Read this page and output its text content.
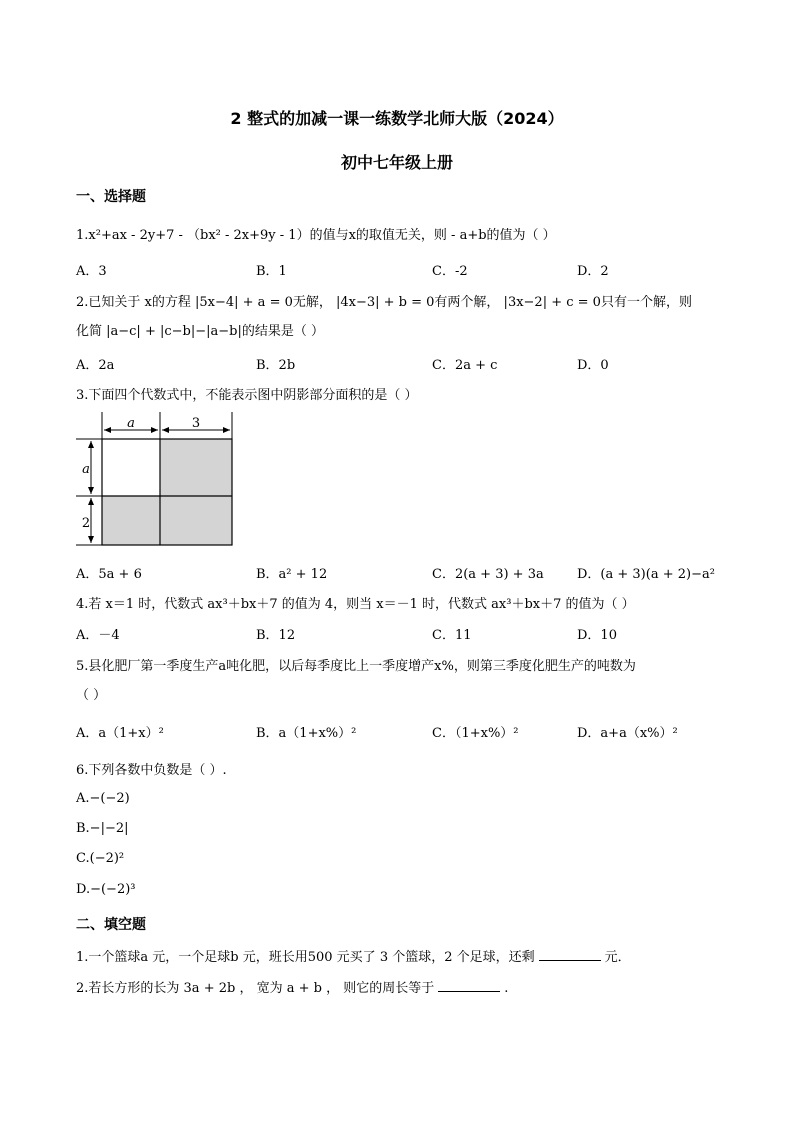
2 整式的加减一课一练数学北师大版（2024）
初中七年级上册
一、选择题
1.x²+ax - 2y+7 - （bx² - 2x+9y - 1）的值与x的取值无关，则 - a+b的值为（ ）
A．3	B．1	C．-2	D．2
2.已知关于 x的方程 |5x−4| + a = 0无解， |4x−3| + b = 0有两个解， |3x−2| + c = 0只有一个解，则
化简 |a−c| + |c−b|−|a−b|的结果是（ ）
A．2a	B．2b	C．2a + c	D．0
3.下面四个代数式中，不能表示图中阴影部分面积的是（ ）
a	3
a
2
A．5a + 6	B．a² + 12	C．2(a + 3) + 3a	D．(a + 3)(a + 2)−a²
4.若 x＝1 时，代数式 ax³＋bx＋7 的值为 4，则当 x＝－1 时，代数式 ax³＋bx＋7 的值为（ ）
A．－4	B．12	C．11	D．10
5.县化肥厂第一季度生产a吨化肥，以后每季度比上一季度增产x%，则第三季度化肥生产的吨数为
（ ）
A．a（1+x）²	B．a（1+x%）²	C．（1+x%）²	D．a+a（x%）²
6.下列各数中负数是（ ）.
A.−(−2)
B.−|−2|
C.(−2)²
D.−(−2)³
二、填空题
1.一个篮球a 元，一个足球b 元，班长用500 元买了 3 个篮球，2 个足球，还剩	元．
2.若长方形的长为 3a + 2b ， 宽为 a + b ， 则它的周长等于	.
